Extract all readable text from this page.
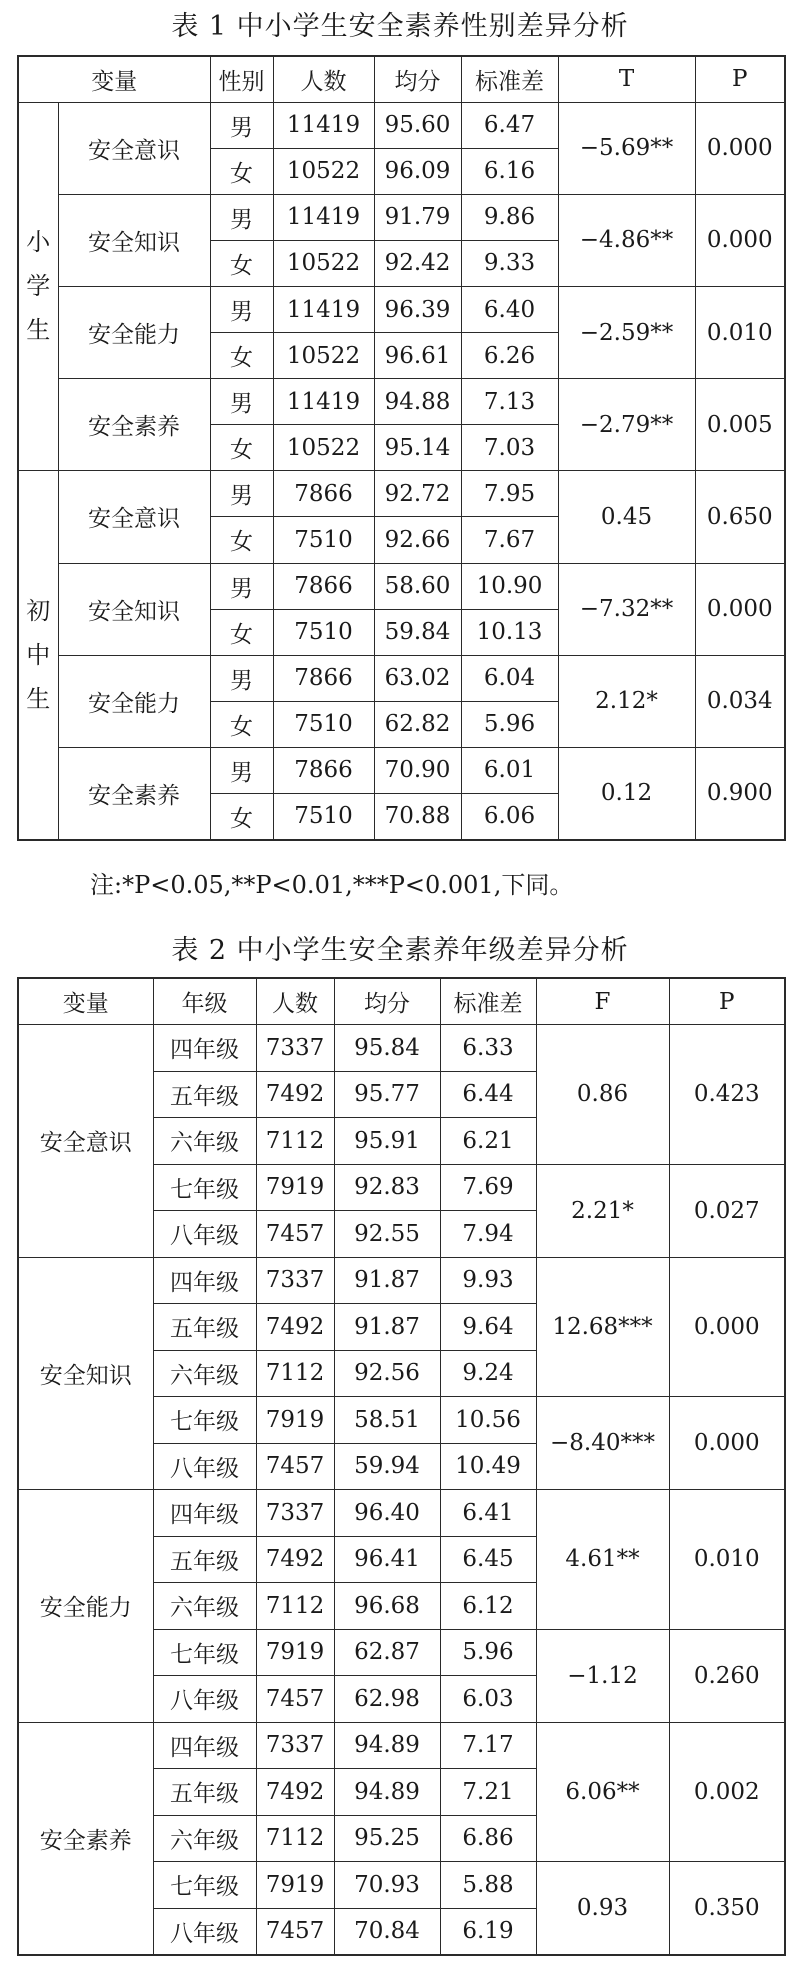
表 1 中小学生安全素养性别差异分析
变量		性别	人数	均分	标准差	T	P
小
学
生	安全意识	男	11419	95.60	6.47	−5.69**	0.000
		女	10522	96.09	6.16		
	安全知识	男	11419	91.79	9.86	−4.86**	0.000
		女	10522	92.42	9.33		
	安全能力	男	11419	96.39	6.40	−2.59**	0.010
		女	10522	96.61	6.26		
	安全素养	男	11419	94.88	7.13	−2.79**	0.005
		女	10522	95.14	7.03		
初
中
生	安全意识	男	7866	92.72	7.95	0.45	0.650
		女	7510	92.66	7.67		
	安全知识	男	7866	58.60	10.90	−7.32**	0.000
		女	7510	59.84	10.13		
	安全能力	男	7866	63.02	6.04	2.12*	0.034
		女	7510	62.82	5.96		
	安全素养	男	7866	70.90	6.01	0.12	0.900
		女	7510	70.88	6.06		
注:*P<0.05,**P<0.01,***P<0.001,下同。
表 2 中小学生安全素养年级差异分析
变量	年级	人数	均分	标准差	F	P
安全意识	四年级	7337	95.84	6.33	0.86	0.423
	五年级	7492	95.77	6.44		
	六年级	7112	95.91	6.21		
	七年级	7919	92.83	7.69	2.21*	0.027
	八年级	7457	92.55	7.94		
安全知识	四年级	7337	91.87	9.93	12.68***	0.000
	五年级	7492	91.87	9.64		
	六年级	7112	92.56	9.24		
	七年级	7919	58.51	10.56	−8.40***	0.000
	八年级	7457	59.94	10.49		
安全能力	四年级	7337	96.40	6.41	4.61**	0.010
	五年级	7492	96.41	6.45		
	六年级	7112	96.68	6.12		
	七年级	7919	62.87	5.96	−1.12	0.260
	八年级	7457	62.98	6.03		
安全素养	四年级	7337	94.89	7.17	6.06**	0.002
	五年级	7492	94.89	7.21		
	六年级	7112	95.25	6.86		
	七年级	7919	70.93	5.88	0.93	0.350
	八年级	7457	70.84	6.19		
